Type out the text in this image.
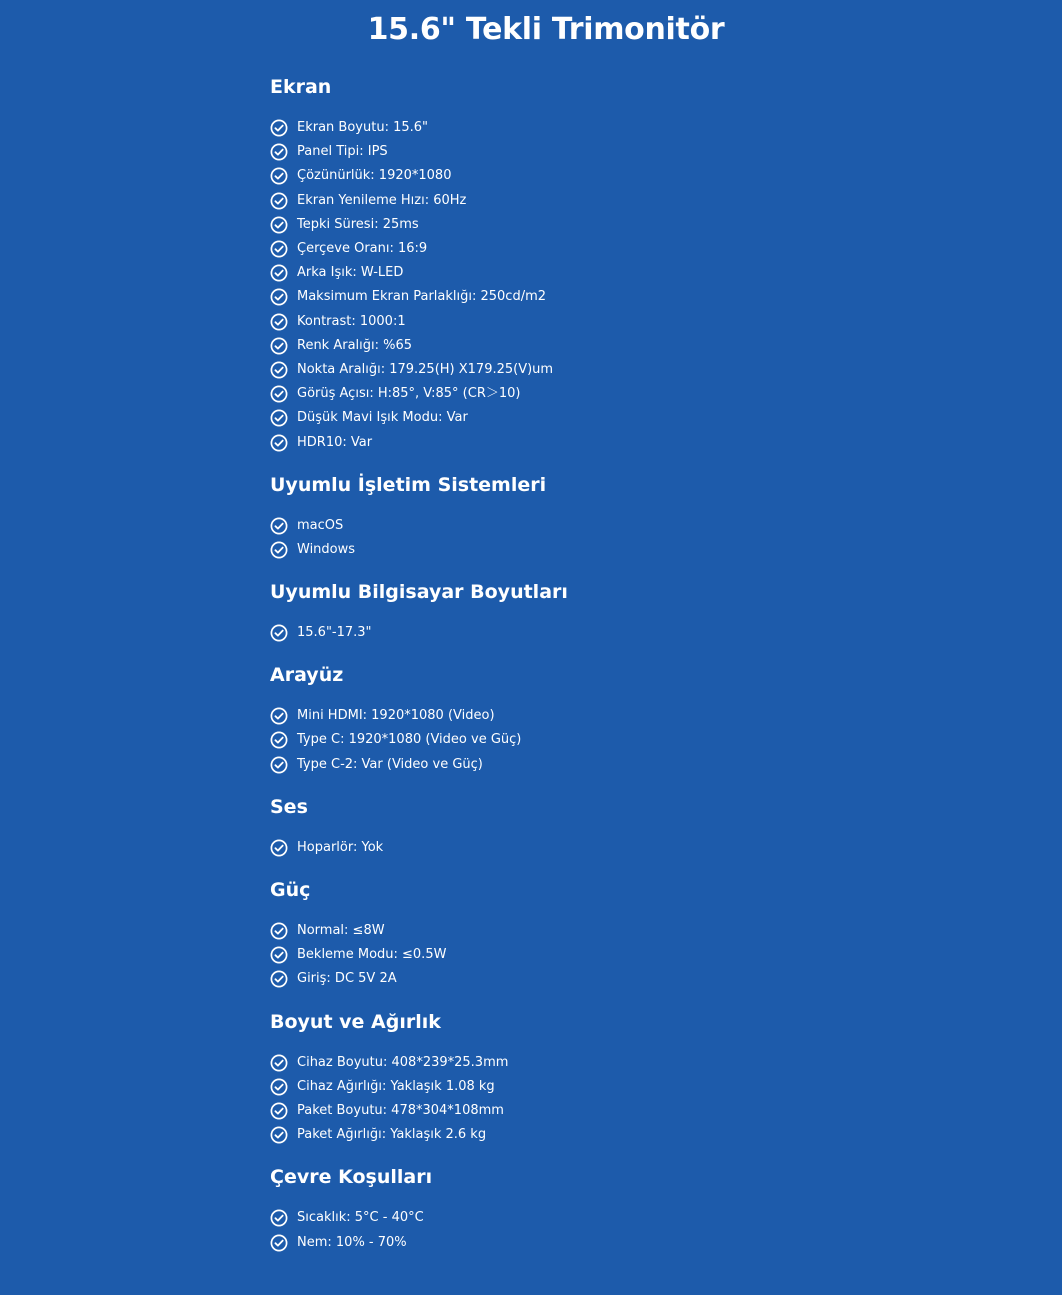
15.6" Tekli Trimonitör
Ekran
Ekran Boyutu: 15.6"
Panel Tipi: IPS
Çözünürlük: 1920*1080
Ekran Yenileme Hızı: 60Hz
Tepki Süresi: 25ms
Çerçeve Oranı: 16:9
Arka Işık: W-LED
Maksimum Ekran Parlaklığı: 250cd/m2
Kontrast: 1000:1
Renk Aralığı: %65
Nokta Aralığı: 179.25(H) X179.25(V)um
Görüş Açısı: H:85°, V:85° (CR＞10)
Düşük Mavi Işık Modu: Var
HDR10: Var
Uyumlu İşletim Sistemleri
macOS
Windows
Uyumlu Bilgisayar Boyutları
15.6"-17.3"
Arayüz
Mini HDMI: 1920*1080 (Video)
Type C: 1920*1080 (Video ve Güç)
Type C-2: Var (Video ve Güç)
Ses
Hoparlör: Yok
Güç
Normal: ≤8W
Bekleme Modu: ≤0.5W
Giriş: DC 5V 2A
Boyut ve Ağırlık
Cihaz Boyutu: 408*239*25.3mm
Cihaz Ağırlığı: Yaklaşık 1.08 kg
Paket Boyutu: 478*304*108mm
Paket Ağırlığı: Yaklaşık 2.6 kg
Çevre Koşulları
Sıcaklık: 5°C - 40°C
Nem: 10% - 70%
